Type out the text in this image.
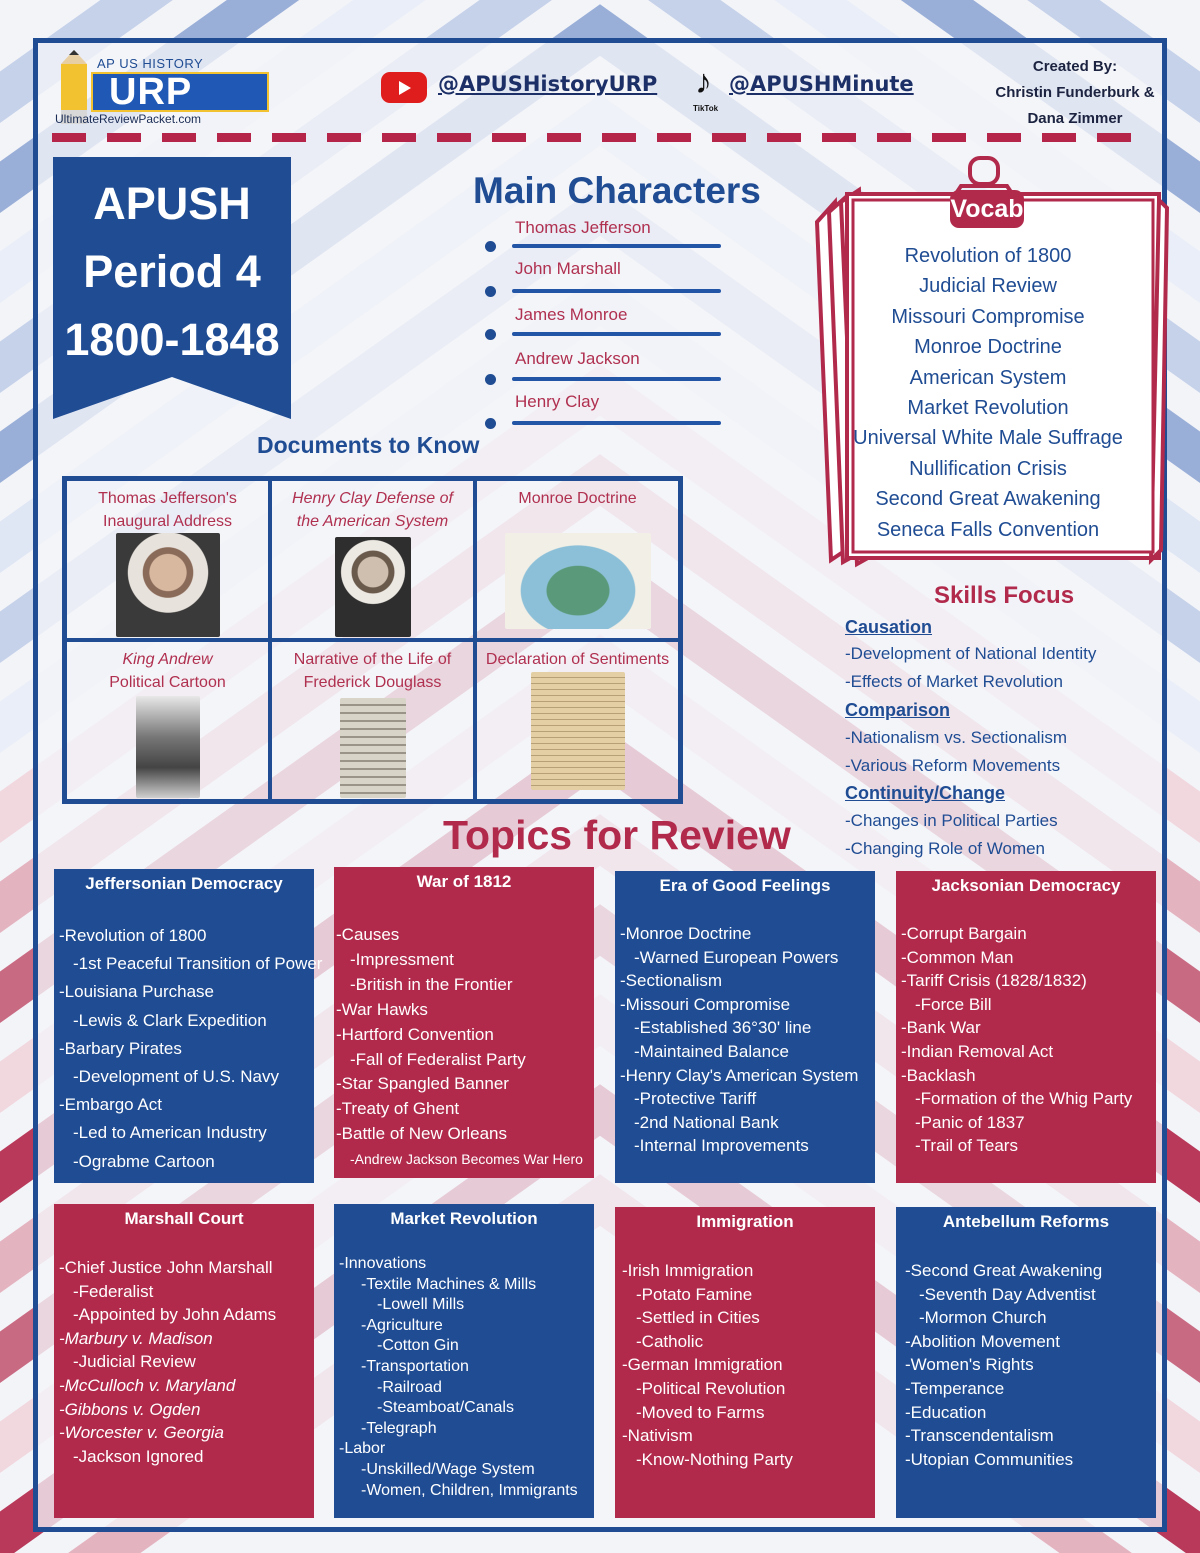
AP US HISTORY
URP
UltimateReviewPacket.com
@APUSHistoryURP ♪
TikTok
@APUSHMinute
Created By:
Christin Funderburk &
Dana Zimmer
APUSH
Period 4
1800-1848
Main Characters
Thomas Jefferson
John Marshall
James Monroe
Andrew Jackson
Henry Clay
Documents to Know
Thomas Jefferson's
Inaugural Address
Henry Clay Defense of
the American System
Monroe Doctrine
King Andrew
Political Cartoon
Narrative of the Life of
Frederick Douglass
Declaration of Sentiments
Vocab
Revolution of 1800
Judicial Review
Missouri Compromise
Monroe Doctrine
American System
Market Revolution
Universal White Male Suffrage
Nullification Crisis
Second Great Awakening
Seneca Falls Convention
Skills Focus
Causation
-Development of National Identity
-Effects of Market Revolution
Comparison
-Nationalism vs. Sectionalism
-Various Reform Movements
Continuity/Change
-Changes in Political Parties
-Changing Role of Women
Topics for Review
Jeffersonian Democracy
-Revolution of 1800
-1st Peaceful Transition of Power
-Louisiana Purchase
-Lewis & Clark Expedition
-Barbary Pirates
-Development of U.S. Navy
-Embargo Act
-Led to American Industry
-Ograbme Cartoon
War of 1812
-Causes
-Impressment
-British in the Frontier
-War Hawks
-Hartford Convention
-Fall of Federalist Party
-Star Spangled Banner
-Treaty of Ghent
-Battle of New Orleans
-Andrew Jackson Becomes War Hero
Era of Good Feelings
-Monroe Doctrine
-Warned European Powers
-Sectionalism
-Missouri Compromise
-Established 36°30' line
-Maintained Balance
-Henry Clay's American System
-Protective Tariff
-2nd National Bank
-Internal Improvements
Jacksonian Democracy
-Corrupt Bargain
-Common Man
-Tariff Crisis (1828/1832)
-Force Bill
-Bank War
-Indian Removal Act
-Backlash
-Formation of the Whig Party
-Panic of 1837
-Trail of Tears
Marshall Court
-Chief Justice John Marshall
-Federalist
-Appointed by John Adams
-Marbury v. Madison
-Judicial Review
-McCulloch v. Maryland
-Gibbons v. Ogden
-Worcester v. Georgia
-Jackson Ignored
Market Revolution
-Innovations
-Textile Machines & Mills
-Lowell Mills
-Agriculture
-Cotton Gin
-Transportation
-Railroad
-Steamboat/Canals
-Telegraph
-Labor
-Unskilled/Wage System
-Women, Children, Immigrants
Immigration
-Irish Immigration
-Potato Famine
-Settled in Cities
-Catholic
-German Immigration
-Political Revolution
-Moved to Farms
-Nativism
-Know-Nothing Party
Antebellum Reforms
-Second Great Awakening
-Seventh Day Adventist
-Mormon Church
-Abolition Movement
-Women's Rights
-Temperance
-Education
-Transcendentalism
-Utopian Communities
